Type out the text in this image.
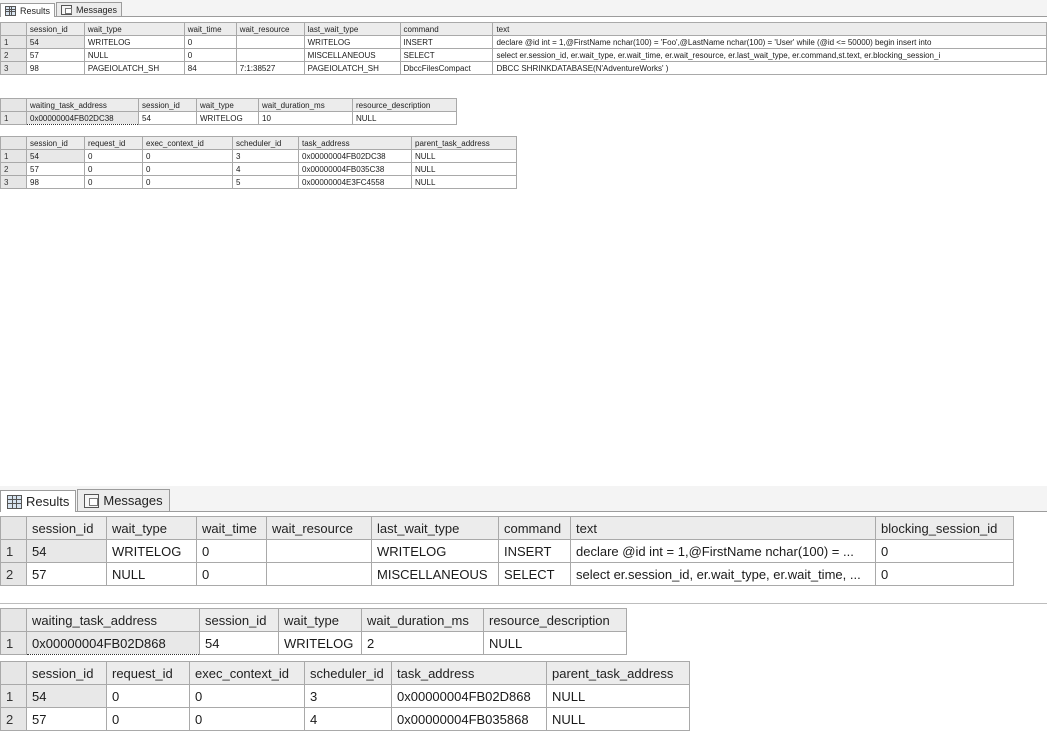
Results	Messages
	session_id	wait_type	wait_time	wait_resource	last_wait_type	command	text
1	54	WRITELOG	0		WRITELOG	INSERT	declare @id int = 1,@FirstName nchar(100) = 'Foo',@LastName nchar(100) = 'User' while (@id <= 50000) begin insert into
2	57	NULL	0		MISCELLANEOUS	SELECT	select er.session_id, er.wait_type, er.wait_time, er.wait_resource, er.last_wait_type, er.command,st.text, er.blocking_session_i
3	98	PAGEIOLATCH_SH	84	7:1:38527	PAGEIOLATCH_SH	DbccFilesCompact	DBCC SHRINKDATABASE(N'AdventureWorks' )
	waiting_task_address	session_id	wait_type	wait_duration_ms	resource_description
1	0x00000004FB02DC38	54	WRITELOG	10	NULL
	session_id	request_id	exec_context_id	scheduler_id	task_address	parent_task_address
1	54	0	0	3	0x00000004FB02DC38	NULL
2	57	0	0	4	0x00000004FB035C38	NULL
3	98	0	0	5	0x00000004E3FC4558	NULL
Results	Messages
	session_id	wait_type	wait_time	wait_resource	last_wait_type	command	text	blocking_session_id
1	54	WRITELOG	0		WRITELOG	INSERT	declare @id int = 1,@FirstName nchar(100) = ...	0
2	57	NULL	0		MISCELLANEOUS	SELECT	select er.session_id, er.wait_type, er.wait_time, ...	0
	waiting_task_address	session_id	wait_type	wait_duration_ms	resource_description
1	0x00000004FB02D868	54	WRITELOG	2	NULL
	session_id	request_id	exec_context_id	scheduler_id	task_address	parent_task_address
1	54	0	0	3	0x00000004FB02D868	NULL
2	57	0	0	4	0x00000004FB035868	NULL
